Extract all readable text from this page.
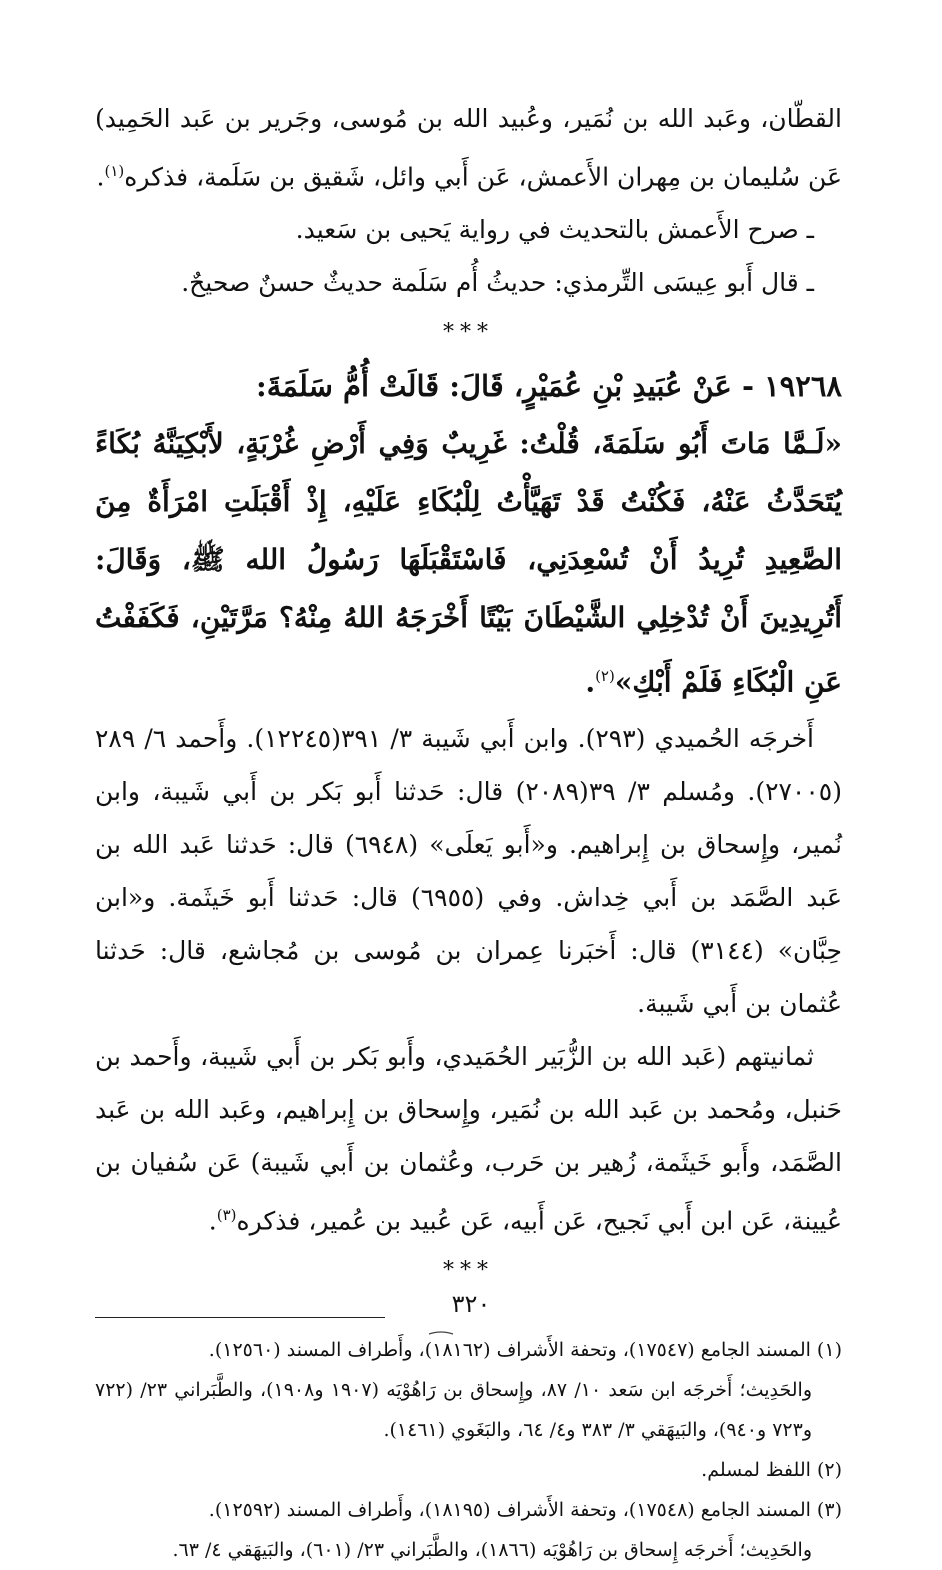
القطّان، وعَبد الله بن نُمَير، وعُبيد الله بن مُوسى، وجَرير بن عَبد الحَمِيد) عَن سُليمان بن مِهران الأَعمش، عَن أَبي وائل، شَقيق بن سَلَمة، فذكره$^{(١)}$.

ـ صرح الأَعمش بالتحديث في رواية يَحيى بن سَعيد.

ـ قال أَبو عِيسَى التِّرمذي: حديثُ أُم سَلَمة حديثٌ حسنٌ صحيحٌ.

***

١٩٢٦٨ - عَنْ عُبَيدِ بْنِ عُمَيْرٍ، قَالَ: قَالَتْ أُمُّ سَلَمَةَ:

«لَـمَّا مَاتَ أَبُو سَلَمَةَ، قُلْتُ: غَرِيبٌ وَفِي أَرْضِ غُرْبَةٍ، لأَبْكِيَنَّهُ بُكَاءً يُتَحَدَّثُ عَنْهُ، فَكُنْتُ قَدْ تَهَيَّأْتُ لِلْبُكَاءِ عَلَيْهِ، إِذْ أَقْبَلَتِ امْرَأَةٌ مِنَ الصَّعِيدِ تُرِيدُ أَنْ تُسْعِدَنِي، فَاسْتَقْبَلَهَا رَسُولُ الله ﷺ، وَقَالَ: أَتُرِيدِينَ أَنْ تُدْخِلِي الشَّيْطَانَ بَيْتًا أَخْرَجَهُ اللهُ مِنْهُ؟ مَرَّتَيْنِ، فَكَفَفْتُ عَنِ الْبُكَاءِ فَلَمْ أَبْكِ»$^{(٢)}$.

أَخرجَه الحُميدي (٢٩٣). وابن أَبي شَيبة ٣/ ٣٩١(١٢٢٤٥). وأَحمد ٦/ ٢٨٩ (٢٧٠٠٥). ومُسلم ٣/ ٣٩(٢٠٨٩) قال: حَدثنا أَبو بَكر بن أَبي شَيبة، وابن نُمير، وإِسحاق بن إِبراهيم. و«أَبو يَعلَى» (٦٩٤٨) قال: حَدثنا عَبد الله بن عَبد الصَّمَد بن أَبي خِداش. وفي (٦٩٥٥) قال: حَدثنا أَبو خَيثَمة. و«ابن حِبَّان» (٣١٤٤) قال: أَخبَرنا عِمران بن مُوسى بن مُجاشع، قال: حَدثنا عُثمان بن أَبي شَيبة.

ثمانيتهم (عَبد الله بن الزُّبَير الحُمَيدي، وأَبو بَكر بن أَبي شَيبة، وأَحمد بن حَنبل، ومُحمد بن عَبد الله بن نُمَير، وإِسحاق بن إِبراهيم، وعَبد الله بن عَبد الصَّمَد، وأَبو خَيثَمة، زُهير بن حَرب، وعُثمان بن أَبي شَيبة) عَن سُفيان بن عُيينة، عَن ابن أَبي نَجيح، عَن أَبيه، عَن عُبيد بن عُمير، فذكره$^{(٣)}$.

***

(١) المسند الجامع (١٧٥٤٧)، وتحفة الأَشراف (١٨١٦٢)، وأَطراف المسند (١٢٥٦٠).

والحَدِيث؛ أَخرجَه ابن سَعد ١٠/ ٨٧، وإِسحاق بن رَاهُوْيَه (١٩٠٧ و١٩٠٨)، والطَّبَراني ٢٣/ (٧٢٢ و٧٢٣ و٩٤٠)، والبَيهَقي ٣/ ٣٨٣ و٤/ ٦٤، والبَغَوي (١٤٦١).

(٢) اللفظ لمسلم.

(٣) المسند الجامع (١٧٥٤٨)، وتحفة الأَشراف (١٨١٩٥)، وأَطراف المسند (١٢٥٩٢).

والحَدِيث؛ أَخرجَه إِسحاق بن رَاهُوْيَه (١٨٦٦)، والطَّبَراني ٢٣/ (٦٠١)، والبَيهَقي ٤/ ٦٣.

٣٢٠
